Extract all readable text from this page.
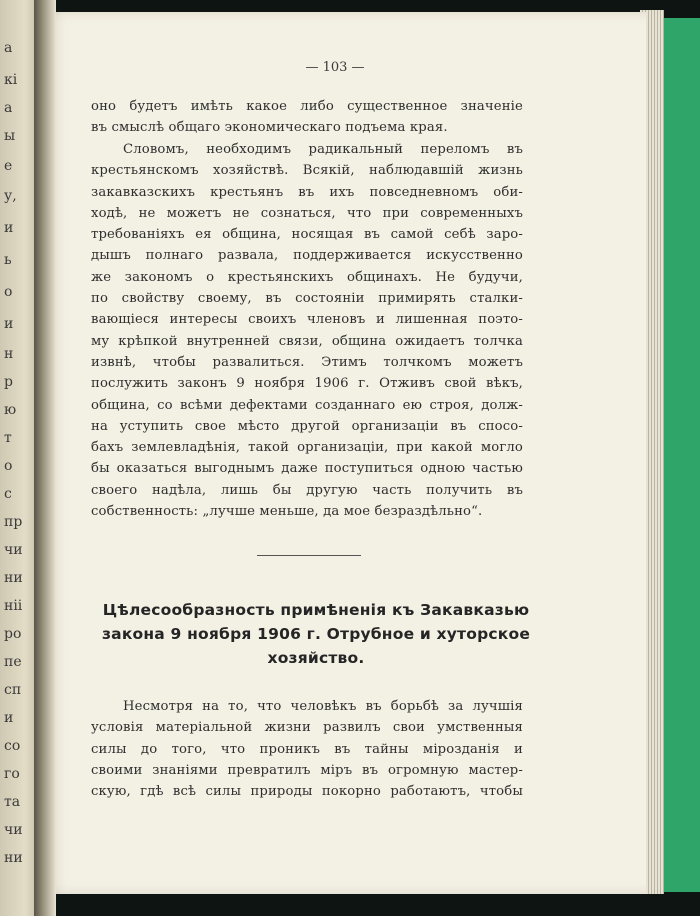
а
кі
а
ы
е
у,
и
ь
о
и
н
р
ю
т
о
с
пр
чи
ни
ніі
ро
пе
сп
и
со
го
та
чи
ни
— 103 —
оно будетъ имѣть какое либо существенное значеніе
въ смыслѣ общаго экономическаго подъема края.
Словомъ, необходимъ радикальный переломъ въ
крестьянскомъ хозяйствѣ. Всякій, наблюдавшій жизнь
закавказскихъ крестьянъ въ ихъ повседневномъ оби-
ходѣ, не можетъ не сознаться, что при современныхъ
требованіяхъ ея община, носящая въ самой себѣ заро-
дышъ полнаго развала, поддерживается искусственно
же закономъ о крестьянскихъ общинахъ. Не будучи,
по свойству своему, въ состояніи примирять сталки-
вающіеся интересы своихъ членовъ и лишенная поэто-
му крѣпкой внутренней связи, община ожидаетъ толчка
извнѣ, чтобы развалиться. Этимъ толчкомъ можетъ
послужить законъ 9 ноября 1906 г. Отживъ свой вѣкъ,
община, со всѣми дефектами созданнаго ею строя, долж-
на уступить свое мѣсто другой организаціи въ спосо-
бахъ землевладѣнія, такой организаціи, при какой могло
бы оказаться выгоднымъ даже поступиться одною частью
своего надѣла, лишь бы другую часть получить въ
собственность: „лучше меньше, да мое безраздѣльно“.
Цѣлесообразность примѣненія къ Закавказью
закона 9 ноября 1906 г. Отрубное и хуторское
хозяйство.
Несмотря на то, что человѣкъ въ борьбѣ за лучшія
условія матеріальной жизни развилъ свои умственныя
силы до того, что проникъ въ тайны мірозданія и
своими знаніями превратилъ міръ въ огромную мастер-
скую, гдѣ всѣ силы природы покорно работаютъ, чтобы
